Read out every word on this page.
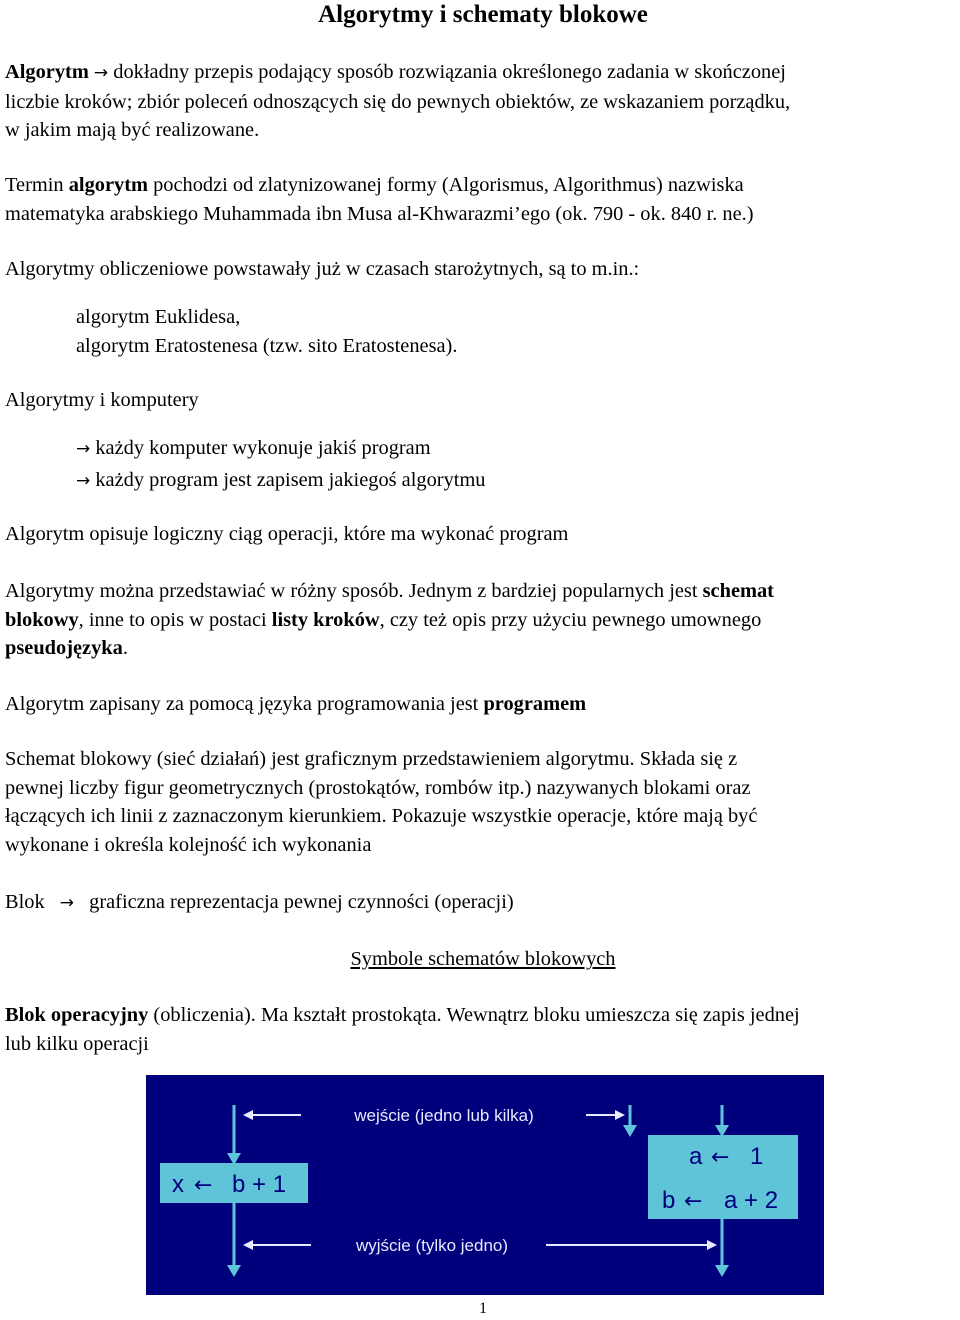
Algorytmy i schematy blokowe
Algorytm → dokładny przepis podający sposób rozwiązania określonego zadania w skończonej
liczbie kroków; zbiór poleceń odnoszących się do pewnych obiektów, ze wskazaniem porządku,
w jakim mają być realizowane.
Termin algorytm pochodzi od zlatynizowanej formy (Algorismus, Algorithmus) nazwiska
matematyka arabskiego Muhammada ibn Musa al-Khwarazmi’ego (ok. 790 - ok. 840 r. ne.)
Algorytmy obliczeniowe powstawały już w czasach starożytnych, są to m.in.:
algorytm Euklidesa,
algorytm Eratostenesa (tzw. sito Eratostenesa).
Algorytmy i komputery
→ każdy komputer wykonuje jakiś program
→ każdy program jest zapisem jakiegoś algorytmu
Algorytm opisuje logiczny ciąg operacji, które ma wykonać program
Algorytmy można przedstawiać w różny sposób. Jednym z bardziej popularnych jest schemat
blokowy, inne to opis w postaci listy kroków, czy też opis przy użyciu pewnego umownego
pseudojęzyka.
Algorytm zapisany za pomocą języka programowania jest programem
Schemat blokowy (sieć działań) jest graficznym przedstawieniem algorytmu. Składa się z
pewnej liczby figur geometrycznych (prostokątów, rombów itp.) nazywanych blokami oraz
łączących ich linii z zaznaczonym kierunkiem. Pokazuje wszystkie operacje, które mają być
wykonane i określa kolejność ich wykonania
Blok → graficzna reprezentacja pewnej czynności (operacji)
Symbole schematów blokowych
Blok operacyjny (obliczenia). Ma kształt prostokąta. Wewnątrz bloku umieszcza się zapis jednej
lub kilku operacji
wejście (jedno lub kilka)
x ← b + 1
a ← 1
b ← a + 2
wyjście (tylko jedno)
1
